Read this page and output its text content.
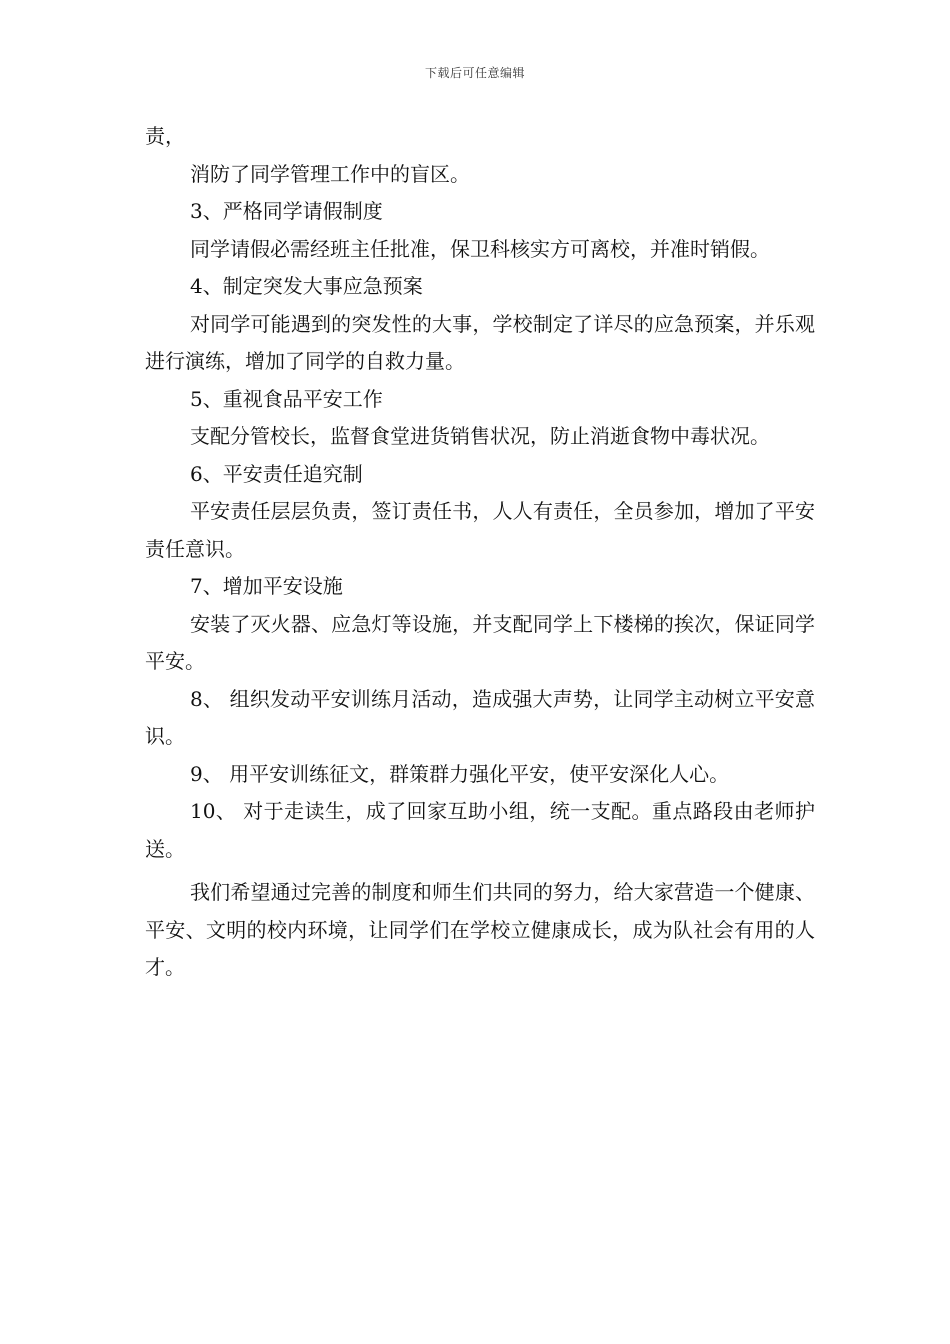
下载后可任意编辑

责，

消防了同学管理工作中的盲区。

3、严格同学请假制度

同学请假必需经班主任批准，保卫科核实方可离校，并准时销假。

4、制定突发大事应急预案

对同学可能遇到的突发性的大事，学校制定了详尽的应急预案，并乐观进行演练，增加了同学的自救力量。

5、重视食品平安工作

支配分管校长，监督食堂进货销售状况，防止消逝食物中毒状况。

6、平安责任追究制

平安责任层层负责，签订责任书，人人有责任，全员参加，增加了平安责任意识。

7、增加平安设施

安装了灭火器、应急灯等设施，并支配同学上下楼梯的挨次，保证同学平安。

8、 组织发动平安训练月活动，造成强大声势，让同学主动树立平安意识。

9、 用平安训练征文，群策群力强化平安，使平安深化人心。

10、 对于走读生，成了回家互助小组，统一支配。重点路段由老师护送。

我们希望通过完善的制度和师生们共同的努力，给大家营造一个健康、平安、文明的校内环境，让同学们在学校立健康成长，成为队社会有用的人才。
